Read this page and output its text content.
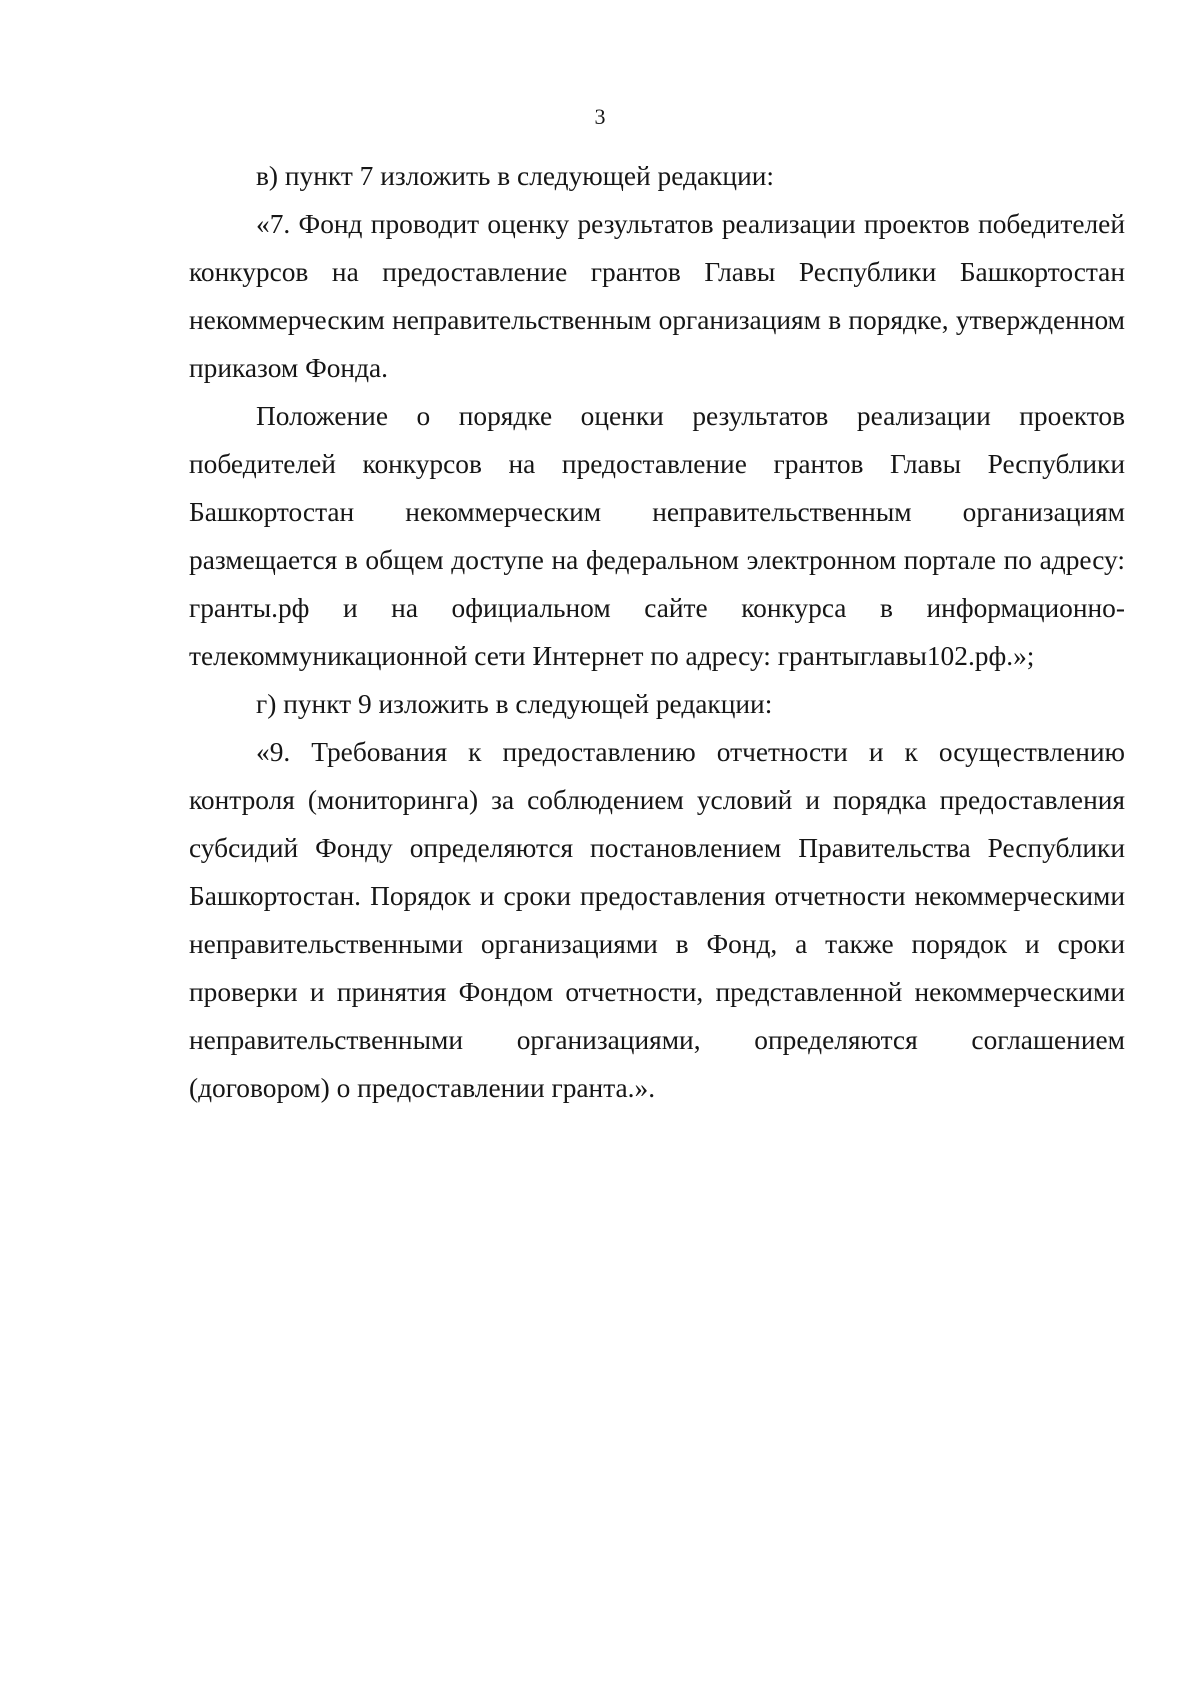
3

в) пункт 7 изложить в следующей редакции:

«7. Фонд проводит оценку результатов реализации проектов победителей конкурсов на предоставление грантов Главы Республики Башкортостан некоммерческим неправительственным организациям в порядке, утвержденном приказом Фонда.

Положение о порядке оценки результатов реализации проектов победителей конкурсов на предоставление грантов Главы Республики Башкортостан некоммерческим неправительственным организациям размещается в общем доступе на федеральном электронном портале по адресу: гранты.рф и на официальном сайте конкурса в информационно-телекоммуникационной сети Интернет по адресу: грантыглавы102.рф.»;

г) пункт 9 изложить в следующей редакции:

«9. Требования к предоставлению отчетности и к осуществлению контроля (мониторинга) за соблюдением условий и порядка предоставления субсидий Фонду определяются постановлением Правительства Республики Башкортостан. Порядок и сроки предоставления отчетности некоммерческими неправительственными организациями в Фонд, а также порядок и сроки проверки и принятия Фондом отчетности, представленной некоммерческими неправительственными организациями, определяются соглашением (договором) о предоставлении гранта.».
